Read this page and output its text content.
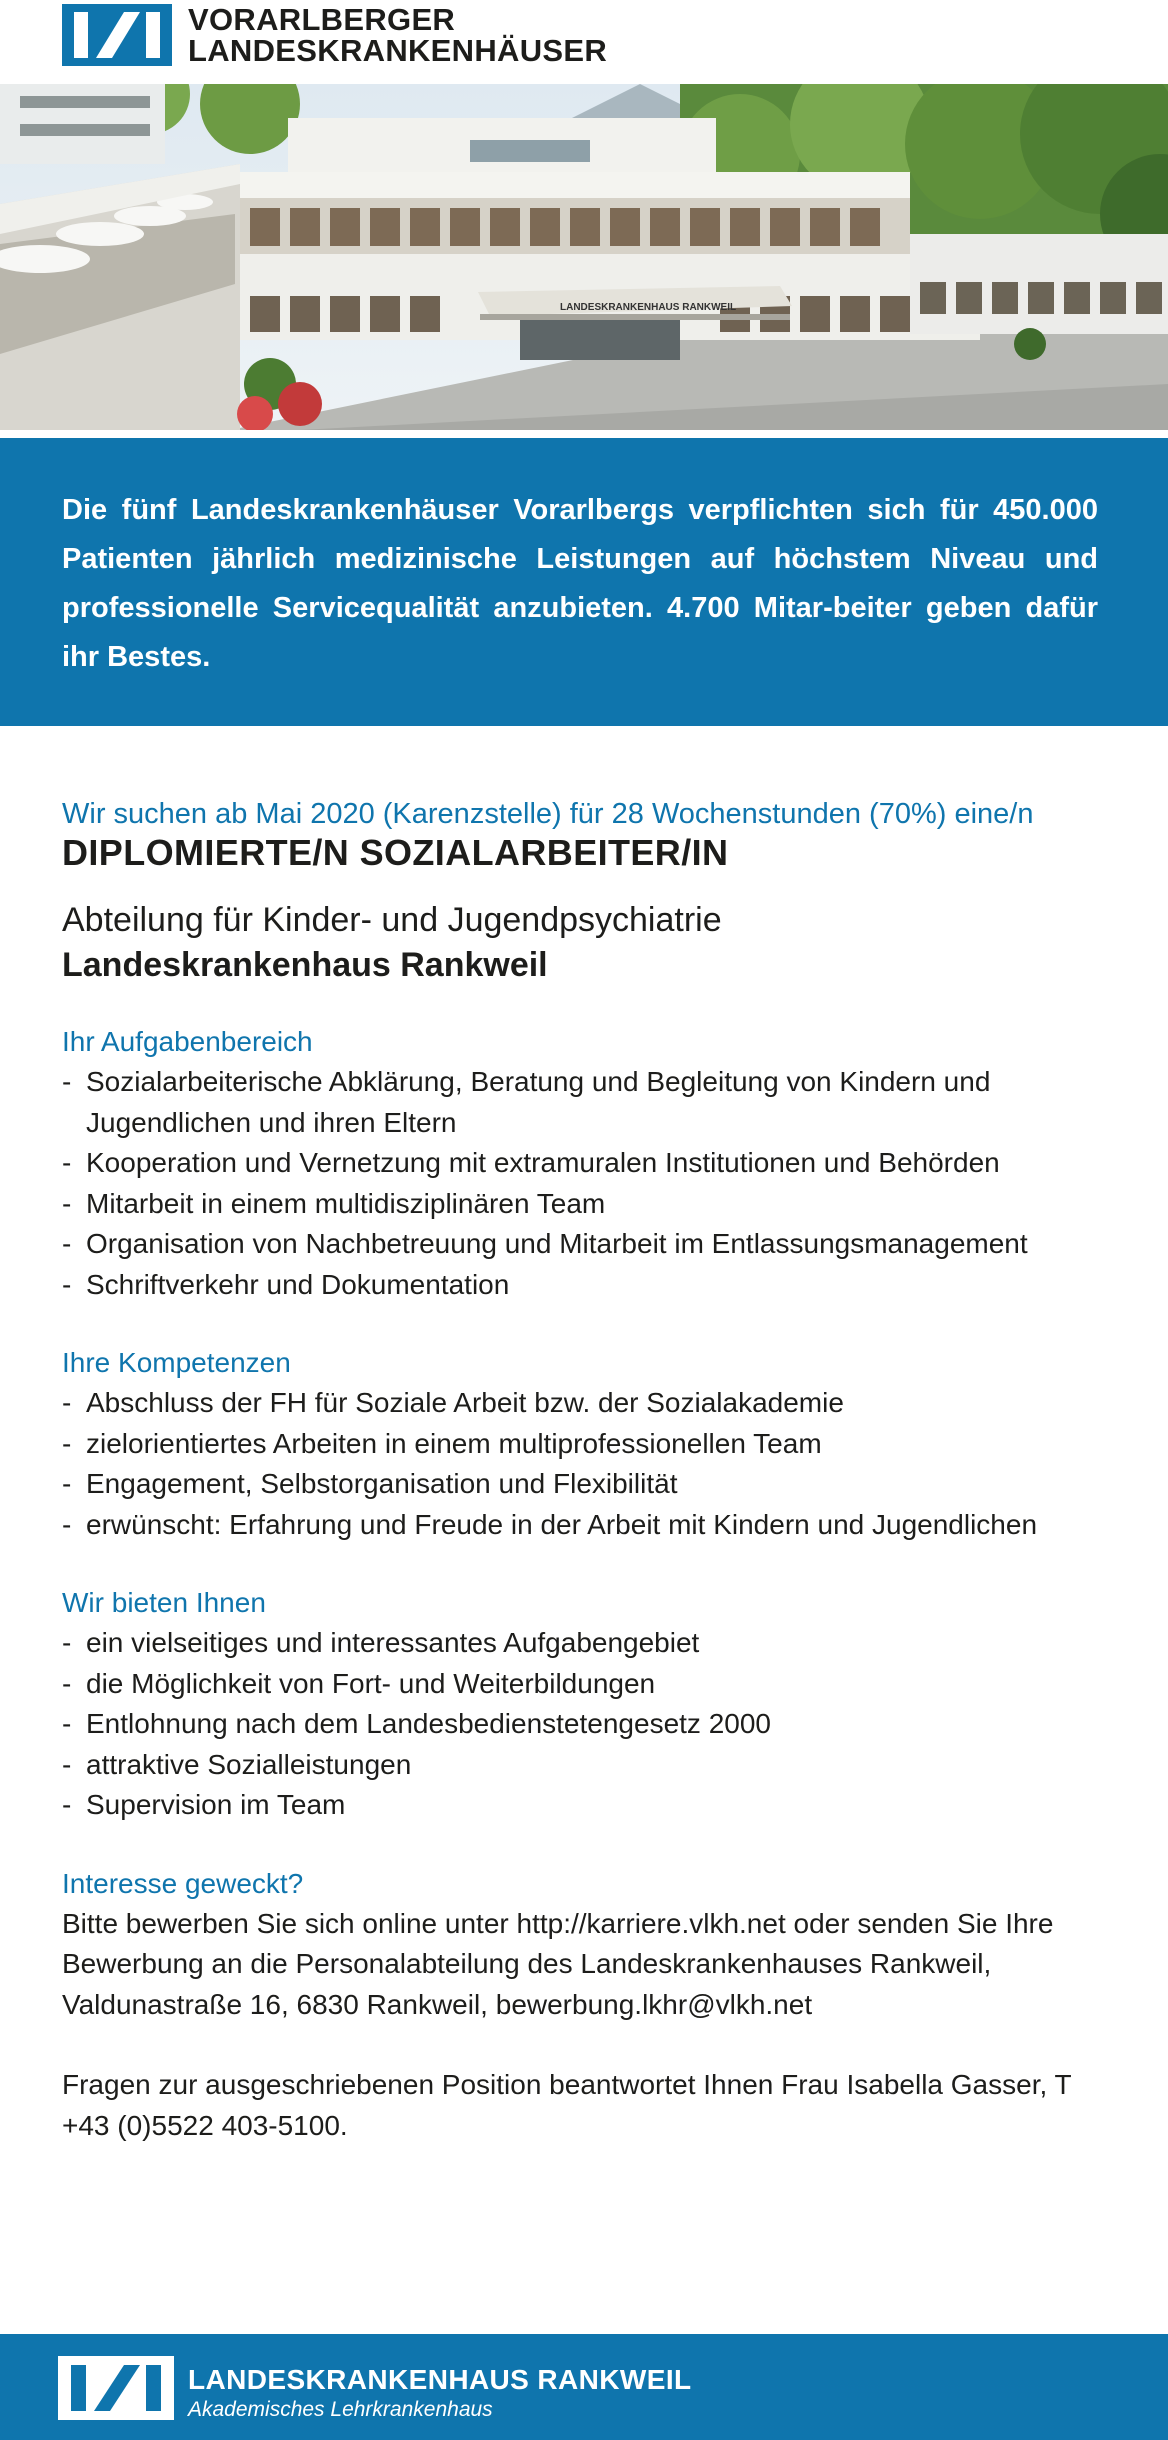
VORARLBERGER
LANDESKRANKENHÄUSER
LANDESKRANKENHAUS RANKWEIL

Die fünf Landeskrankenhäuser Vorarlbergs verpflichten sich für 450.000 Patienten jährlich medizinische Leistungen auf höchstem Niveau und professionelle Servicequalität anzubieten. 4.700 Mitar-beiter geben dafür ihr Bestes.

Wir suchen ab Mai 2020 (Karenzstelle) für 28 Wochenstunden (70%) eine/n

DIPLOMIERTE/N SOZIALARBEITER/IN

Abteilung für Kinder- und Jugendpsychiatrie

Landeskrankenhaus Rankweil

Ihr Aufgabenbereich

- Sozialarbeiterische Abklärung, Beratung und Begleitung von Kindern und Jugendlichen und ihren Eltern
- Kooperation und Vernetzung mit extramuralen Institutionen und Behörden
- Mitarbeit in einem multidisziplinären Team
- Organisation von Nachbetreuung und Mitarbeit im Entlassungsmanagement
- Schriftverkehr und Dokumentation

Ihre Kompetenzen

- Abschluss der FH für Soziale Arbeit bzw. der Sozialakademie
- zielorientiertes Arbeiten in einem multiprofessionellen Team
- Engagement, Selbstorganisation und Flexibilität
- erwünscht: Erfahrung und Freude in der Arbeit mit Kindern und Jugendlichen

Wir bieten Ihnen

- ein vielseitiges und interessantes Aufgabengebiet
- die Möglichkeit von Fort- und Weiterbildungen
- Entlohnung nach dem Landesbedienstetengesetz 2000
- attraktive Sozialleistungen
- Supervision im Team

Interesse geweckt?

Bitte bewerben Sie sich online unter http://karriere.vlkh.net oder senden Sie Ihre Bewerbung an die Personalabteilung des Landeskrankenhauses Rankweil, Valdunastraße 16, 6830 Rankweil, bewerbung.lkhr@vlkh.net

Fragen zur ausgeschriebenen Position beantwortet Ihnen Frau Isabella Gasser, T +43 (0)5522 403-5100.

LANDESKRANKENHAUS RANKWEIL
Akademisches Lehrkrankenhaus
